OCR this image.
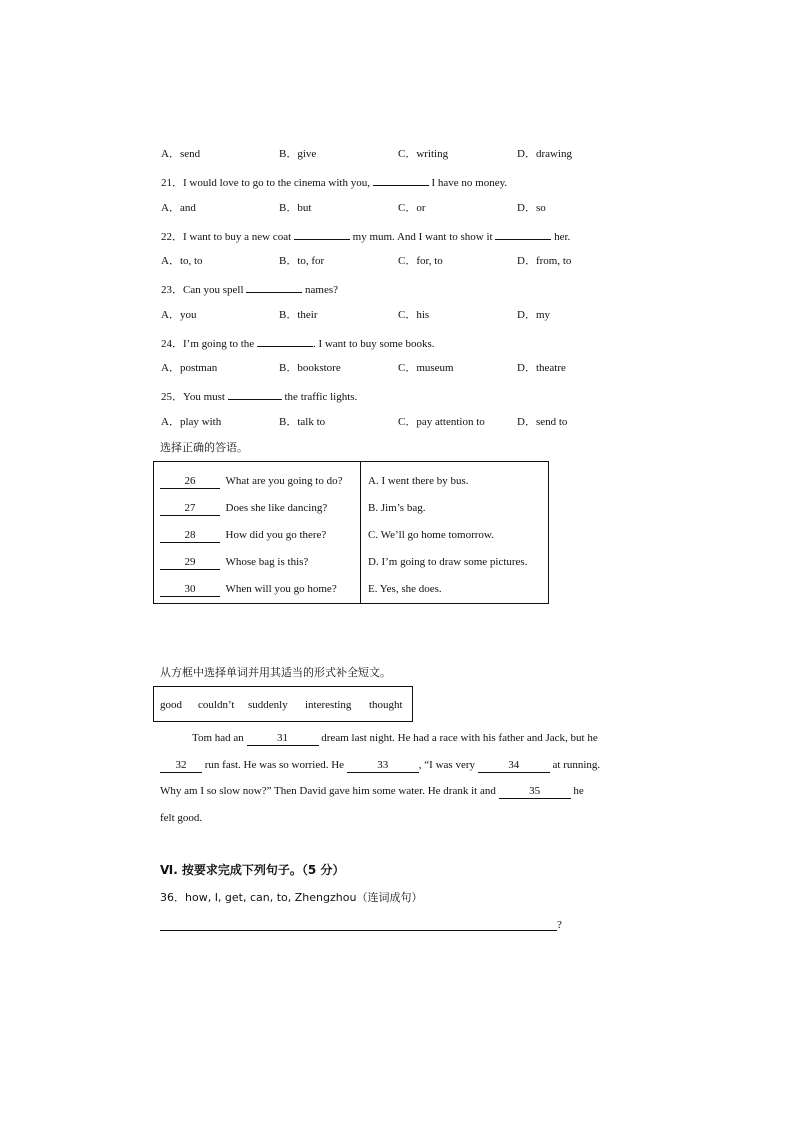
A．send	B．give	C．writing	D．drawing
21．I would love to go to the cinema with you,	I have no money.
A．and	B．but	C．or	D．so
22．I want to buy a new coat	my mum. And I want to show it	her.
A．to, to	B．to, for	C．for, to	D．from, to
23．Can you spell	names?
A．you	B．their	C．his	D．my
24．I’m going to the	. I want to buy some books.
A．postman	B．bookstore	C．museum	D．theatre
25．You must	the traffic lights.
A．play with	B．talk to	C．pay attention to	D．send to
选择正确的答语。
26	What are you going to do? A. I went there by bus.
27	Does she like dancing?	B. Jim’s bag.
28	How did you go there?	C. We’ll go home tomorrow.
29	Whose bag is this?	D. I’m going to draw some pictures.
30	When will you go home?	E. Yes, she does.
从方框中选择单词并用其适当的形式补全短文。
good couldn’t suddenly interesting thought
Tom had an	31	dream last night. He had a race with his father and Jack, but he
32 run fast. He was so worried. He	33	, “I was very	34	at running.
Why am I so slow now?” Then David gave him some water. He drank it and	35	he
felt good.
Ⅵ. 按要求完成下列句子。（5 分）
36．how, I, get, can, to, Zhengzhou（连词成句）
?
